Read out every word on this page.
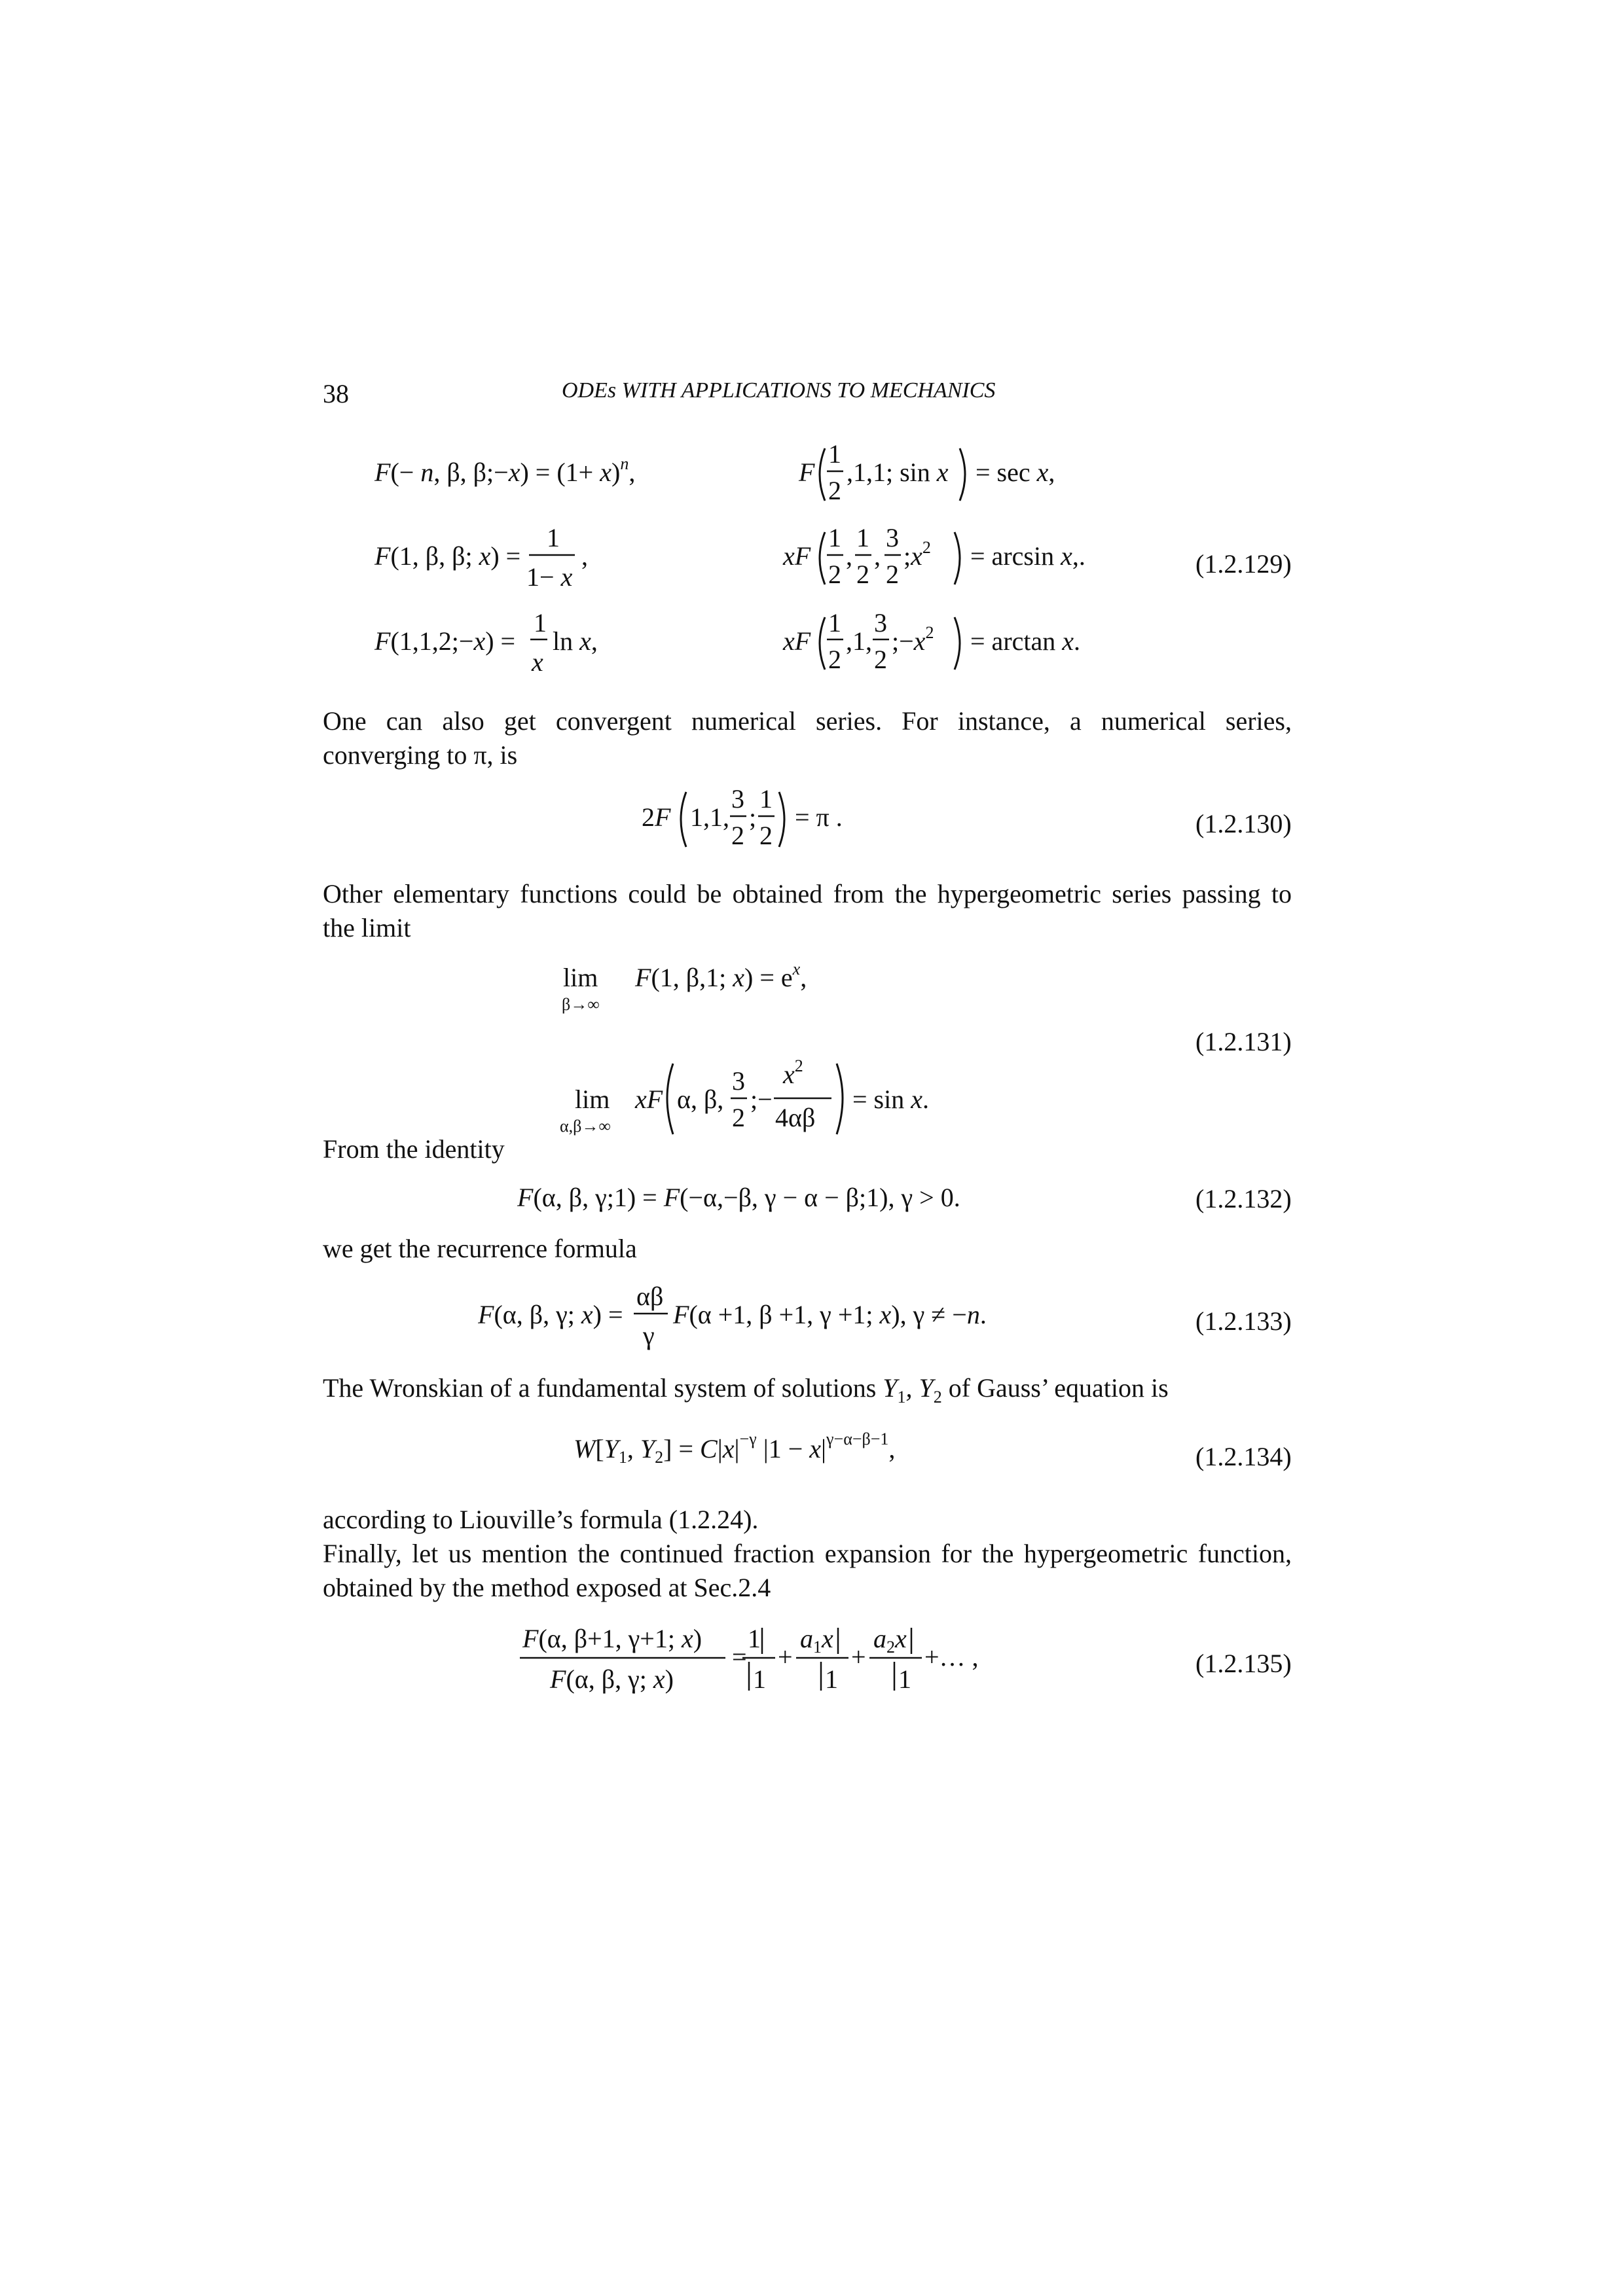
38	ODEs WITH APPLICATIONS TO MECHANICS
F(− n, β, β;−x) = $(1+ x)^n$,
F(1, β, β; x) =
1
1− x
,
F(1,1,2;−x) =
1
x
ln x,
F
1
2
,1,1; sin x = sec x,
xF
1
2
,
1
2
,
3
2
$;x^2 = \arcsin x$,.
xF
1
2
,1,
3
2
$;-x^2 = \arctan x$.
(1.2.129)
One can also get convergent numerical series. For instance, a numerical series,
converging to π, is
2F 1,1,
3
2
;
1
2
= π .	(1.2.130)
Other elementary functions could be obtained from the hypergeometric series passing to
the limit
lim
β→∞
F(1, β,1; $x) = e^x$,
lim
α,β→∞
xF α, β,
3
2
;−
$x^2$
4αβ
= sin x.
(1.2.131)
From the identity
F(α, β, γ;1) = F(−α,−β, γ − α − β;1), γ > 0.	(1.2.132)
we get the recurrence formula
F(α, β, γ; x) =
αβ
γ
F(α +1, β +1, γ +1; x), γ ≠ −n.	(1.2.133)
The Wronskian of a fundamental system of solutions $Y_1$, $Y_2$ of Gauss’ equation is
$W[Y_1$, $Y_2] = C|x|^{-\gamma}$ $|1 - x|^{\gamma-\alpha-\beta-1}$,	(1.2.134)
according to Liouville’s formula (1.2.24).
Finally, let us mention the continued fraction expansion for the hypergeometric function,
obtained by the method exposed at Sec.2.4
F(α, β+1, γ+1; x)
F(α, β, γ; x)
=
1
1
+
$a_1x$
1
+
$a_2x$
1
+… ,	(1.2.135)
